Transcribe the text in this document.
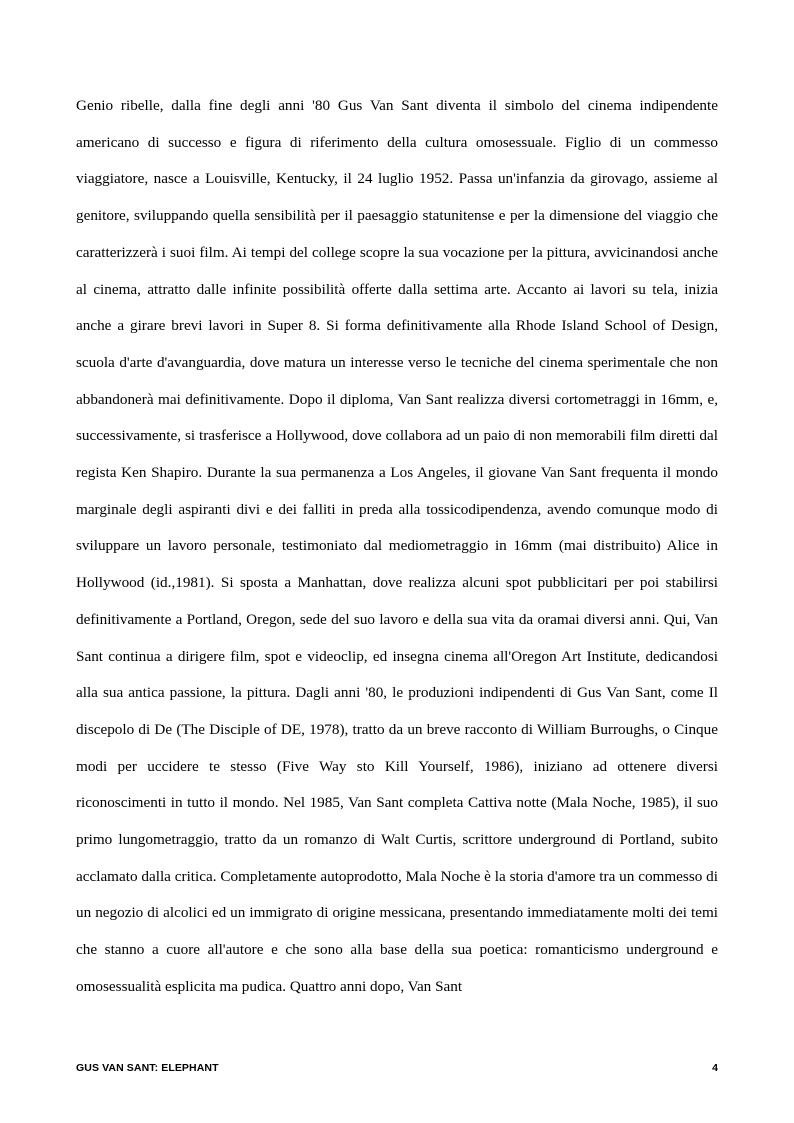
Genio ribelle, dalla fine degli anni '80 Gus Van Sant diventa il simbolo del cinema indipendente americano di successo e figura di riferimento della cultura omosessuale. Figlio di un commesso viaggiatore, nasce a Louisville, Kentucky, il 24 luglio 1952. Passa un'infanzia da girovago, assieme al genitore, sviluppando quella sensibilità per il paesaggio statunitense e per la dimensione del viaggio che caratterizzerà i suoi film. Ai tempi del college scopre la sua vocazione per la pittura, avvicinandosi anche al cinema, attratto dalle infinite possibilità offerte dalla settima arte. Accanto ai lavori su tela, inizia anche a girare brevi lavori in Super 8. Si forma definitivamente alla Rhode Island School of Design, scuola d'arte d'avanguardia, dove matura un interesse verso le tecniche del cinema sperimentale che non abbandonerà mai definitivamente. Dopo il diploma, Van Sant realizza diversi cortometraggi in 16mm, e, successivamente, si trasferisce a Hollywood, dove collabora ad un paio di non memorabili film diretti dal regista Ken Shapiro. Durante la sua permanenza a Los Angeles, il giovane Van Sant frequenta il mondo marginale degli aspiranti divi e dei falliti in preda alla tossicodipendenza, avendo comunque modo di sviluppare un lavoro personale, testimoniato dal mediometraggio in 16mm (mai distribuito) Alice in Hollywood (id.,1981). Si sposta a Manhattan, dove realizza alcuni spot pubblicitari per poi stabilirsi definitivamente a Portland, Oregon, sede del suo lavoro e della sua vita da oramai diversi anni. Qui, Van Sant continua a dirigere film, spot e videoclip, ed insegna cinema all'Oregon Art Institute, dedicandosi alla sua antica passione, la pittura. Dagli anni '80, le produzioni indipendenti di Gus Van Sant, come Il discepolo di De (The Disciple of DE, 1978), tratto da un breve racconto di William Burroughs, o Cinque modi per uccidere te stesso (Five Way sto Kill Yourself, 1986), iniziano ad ottenere diversi riconoscimenti in tutto il mondo. Nel 1985, Van Sant completa Cattiva notte (Mala Noche, 1985), il suo primo lungometraggio, tratto da un romanzo di Walt Curtis, scrittore underground di Portland, subito acclamato dalla critica. Completamente autoprodotto, Mala Noche è la storia d'amore tra un commesso di un negozio di alcolici ed un immigrato di origine messicana, presentando immediatamente molti dei temi che stanno a cuore all'autore e che sono alla base della sua poetica: romanticismo underground e omosessualità esplicita ma pudica. Quattro anni dopo, Van Sant

GUS VAN SANT: ELEPHANT	4
